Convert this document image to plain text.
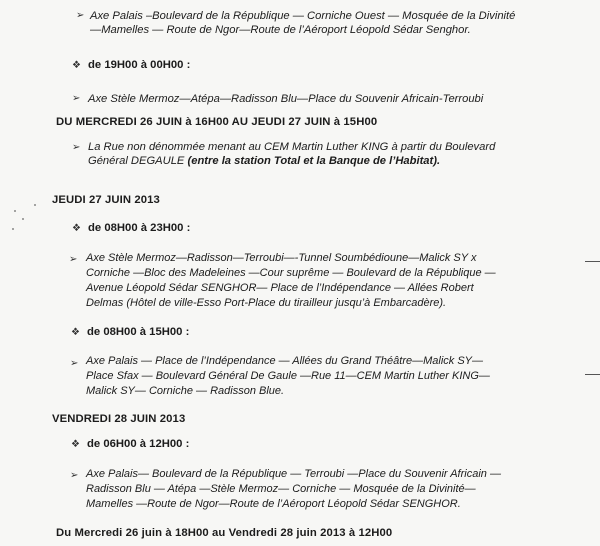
➢ Axe Palais –Boulevard de la République — Corniche Ouest — Mosquée de la Divinité
—Mamelles — Route de Ngor—Route de l’Aéroport Léopold Sédar Senghor.
❖ de 19H00 à 00H00 :
➢ Axe Stèle Mermoz—Atépa—Radisson Blu—Place du Souvenir Africain-Terroubi
DU MERCREDI 26 JUIN à 16H00 AU JEUDI 27 JUIN à 15H00
➢ La Rue non dénommée menant au CEM Martin Luther KING à partir du Boulevard
Général DEGAULE (entre la station Total et la Banque de l’Habitat).
JEUDI 27 JUIN 2013
❖ de 08H00 à 23H00 :
➢ Axe Stèle Mermoz—Radisson—Terroubi—-Tunnel Soumbédioune—Malick SY x
Corniche —Bloc des Madeleines —Cour suprême — Boulevard de la République —
Avenue Léopold Sédar SENGHOR— Place de l’Indépendance — Allées Robert
Delmas (Hôtel de ville-Esso Port-Place du tirailleur jusqu’à Embarcadère).
❖ de 08H00 à 15H00 :
➢ Axe Palais — Place de l’Indépendance — Allées du Grand Théâtre—Malick SY—
Place Sfax — Boulevard Général De Gaule —Rue 11—CEM Martin Luther KING—
Malick SY— Corniche — Radisson Blue.
VENDREDI 28 JUIN 2013
❖ de 06H00 à 12H00 :
➢ Axe Palais— Boulevard de la République — Terroubi —Place du Souvenir Africain —
Radisson Blu — Atépa —Stèle Mermoz— Corniche — Mosquée de la Divinité—
Mamelles —Route de Ngor—Route de l’Aéroport Léopold Sédar SENGHOR.
Du Mercredi 26 juin à 18H00 au Vendredi 28 juin 2013 à 12H00
